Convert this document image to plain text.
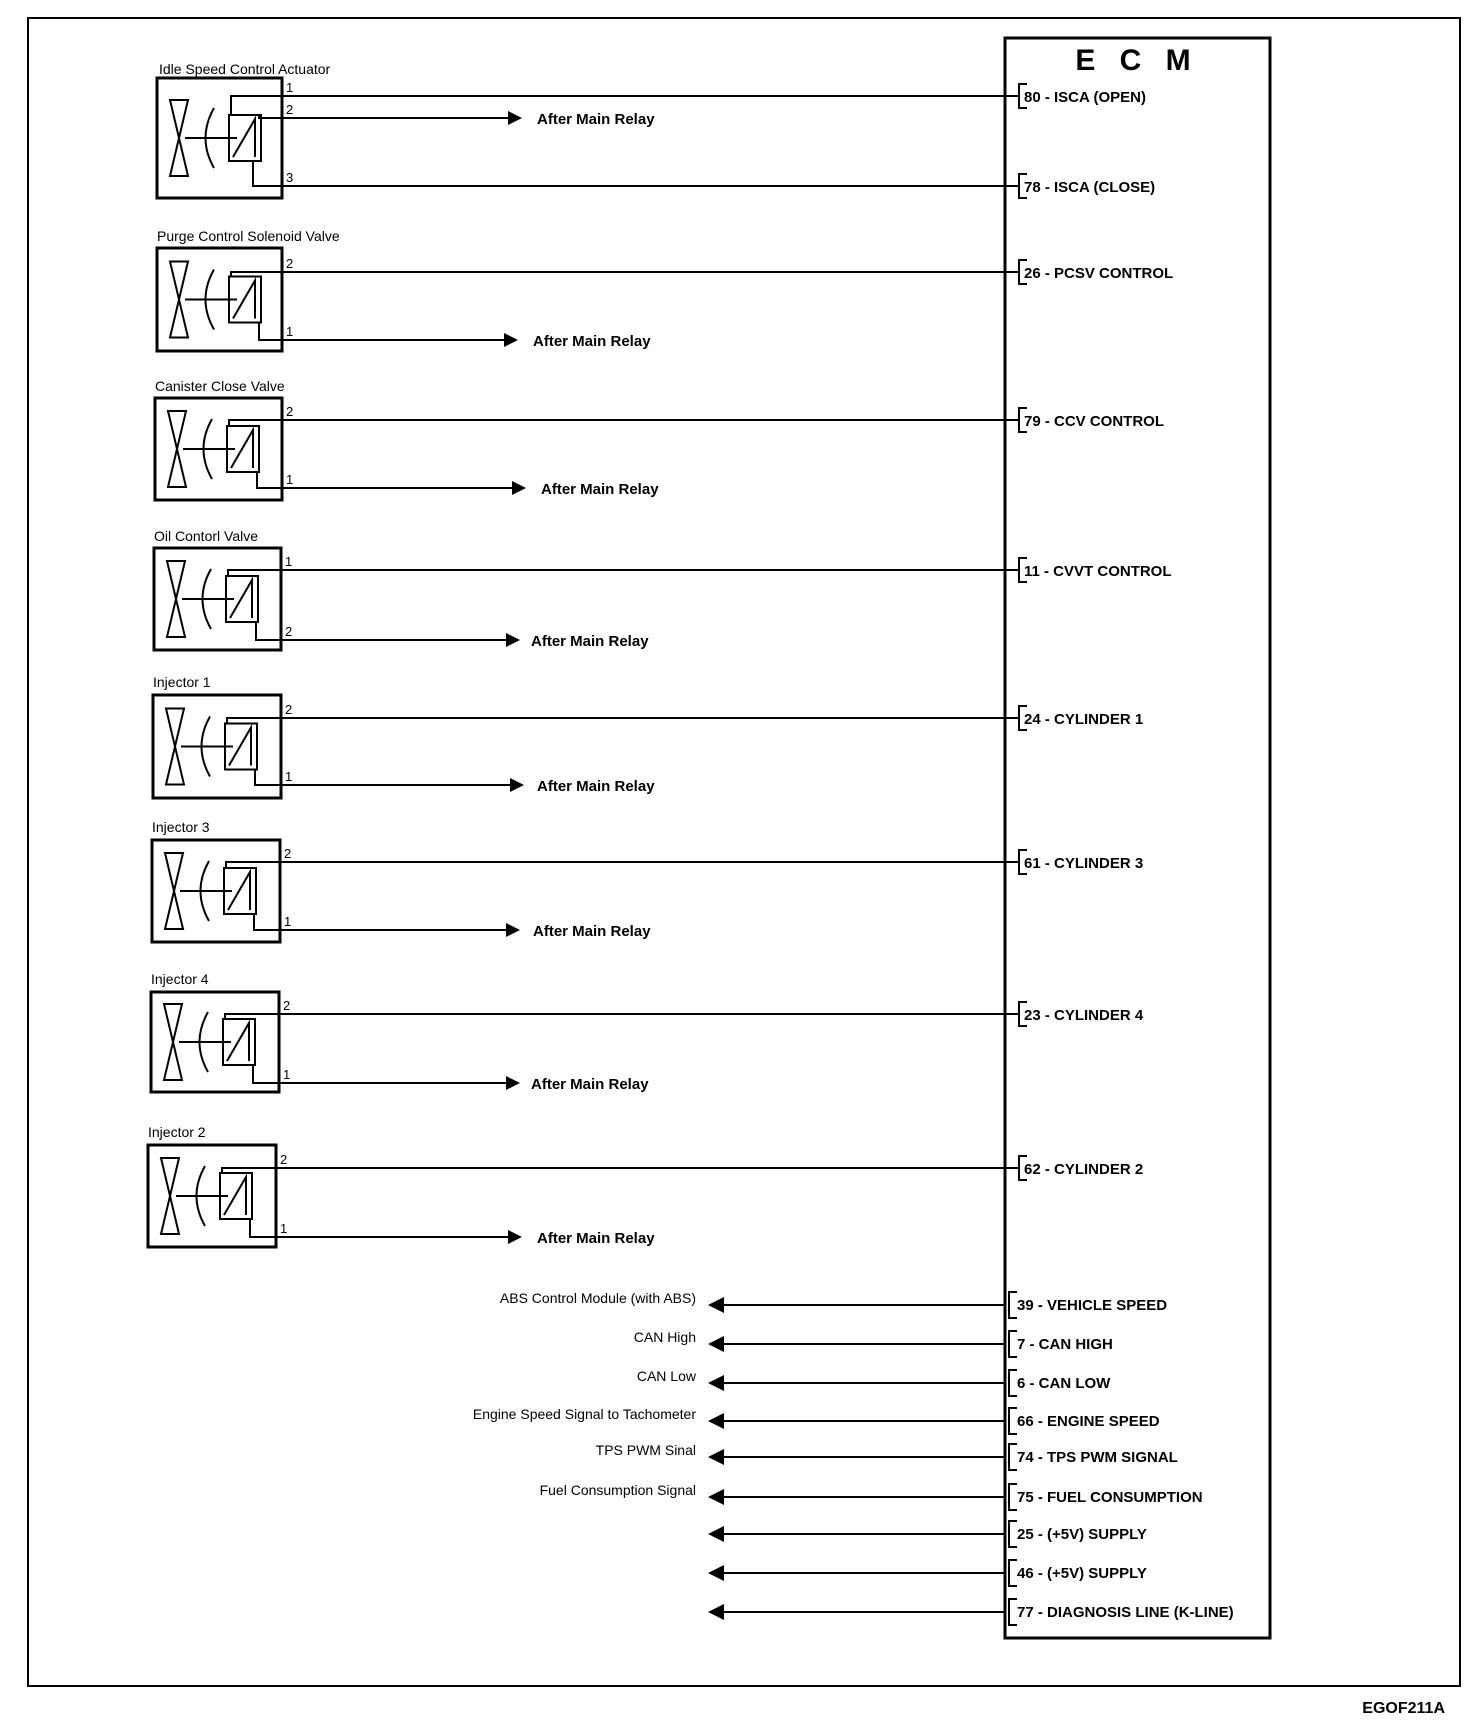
E C M
Idle Speed Control Actuator
1
80 - ISCA (OPEN)
2
After Main Relay
3
78 - ISCA (CLOSE)
Purge Control Solenoid Valve
2
26 - PCSV CONTROL
1
After Main Relay
Canister Close Valve
2
79 - CCV CONTROL
1
After Main Relay
Oil Contorl Valve
1
11 - CVVT CONTROL
2
After Main Relay
Injector 1
2
24 - CYLINDER 1
1
After Main Relay
Injector 3
2
61 - CYLINDER 3
1
After Main Relay
Injector 4
2
23 - CYLINDER 4
1
After Main Relay
Injector 2
2
62 - CYLINDER 2
1
After Main Relay
39 - VEHICLE SPEED
ABS Control Module (with ABS)
7 - CAN HIGH
CAN High
6 - CAN LOW
CAN Low
66 - ENGINE SPEED
Engine Speed Signal to Tachometer
74 - TPS PWM SIGNAL
TPS PWM Sinal
75 - FUEL CONSUMPTION
Fuel Consumption Signal
25 - (+5V) SUPPLY
46 - (+5V) SUPPLY
77 - DIAGNOSIS LINE (K-LINE)
EGOF211A
